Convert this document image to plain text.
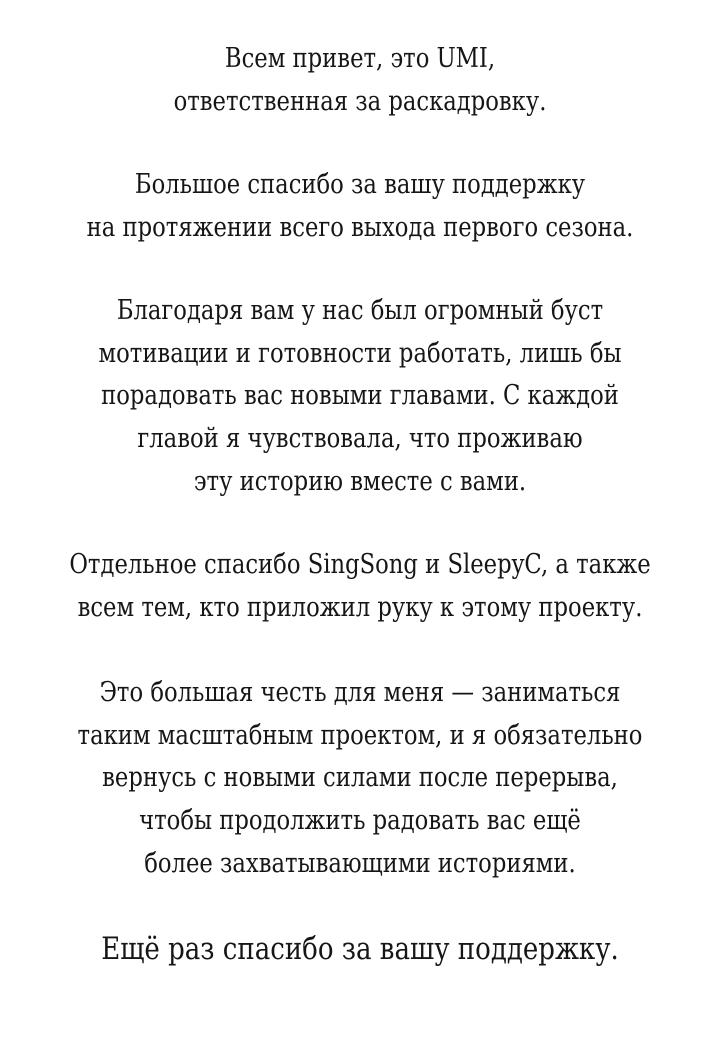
Всем привет, это UMI,
ответственная за раскадровку.
Большое спасибо за вашу поддержку
на протяжении всего выхода первого сезона.
Благодаря вам у нас был огромный буст
мотивации и готовности работать, лишь бы
порадовать вас новыми главами. С каждой
главой я чувствовала, что проживаю
эту историю вместе с вами.
Отдельное спасибо SingSong и SleepyC, а также
всем тем, кто приложил руку к этому проекту.
Это большая честь для меня — заниматься
таким масштабным проектом, и я обязательно
вернусь с новыми силами после перерыва,
чтобы продолжить радовать вас ещё
более захватывающими историями.
Ещё раз спасибо за вашу поддержку.
